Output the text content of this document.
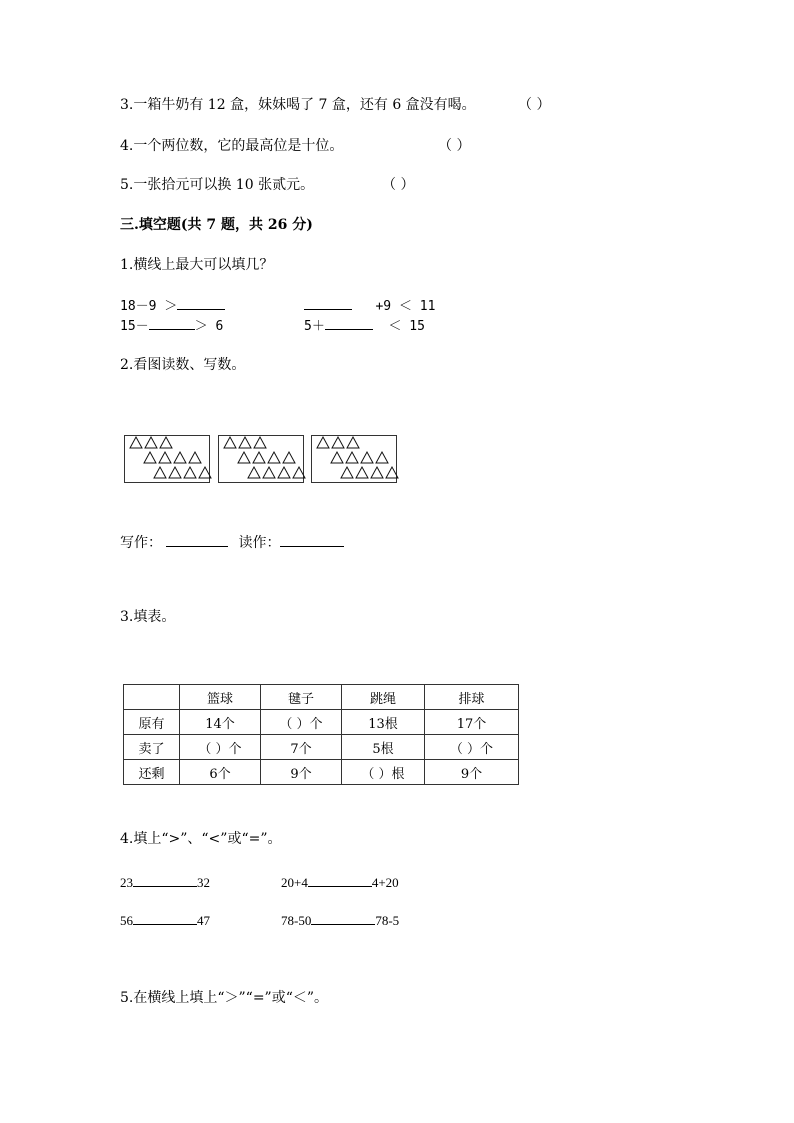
3.一箱牛奶有 12 盒，妹妹喝了 7 盒，还有 6 盒没有喝。	（ ）
4.一个两位数，它的最高位是十位。	（ ）
5.一张拾元可以换 10 张贰元。	（ ）
三.填空题(共 7 题，共 26 分)
1.横线上最大可以填几？
18－9 ＞	+9 ＜ 11
15－	＞ 6	5＋	＜ 15
2.看图读数、写数。
写作：	读作：
3.填表。
	篮球	毽子	跳绳	排球
原有	14个	（ ）个	13根	17个
卖了	（ ）个	7个	5根	（ ）个
还剩	6个	9个	（ ）根	9个
4.填上“>”、“<”或“=”。
23	32	20+4	4+20
56	47	78-50	78-5
5.在横线上填上“＞”“=”或“＜”。
